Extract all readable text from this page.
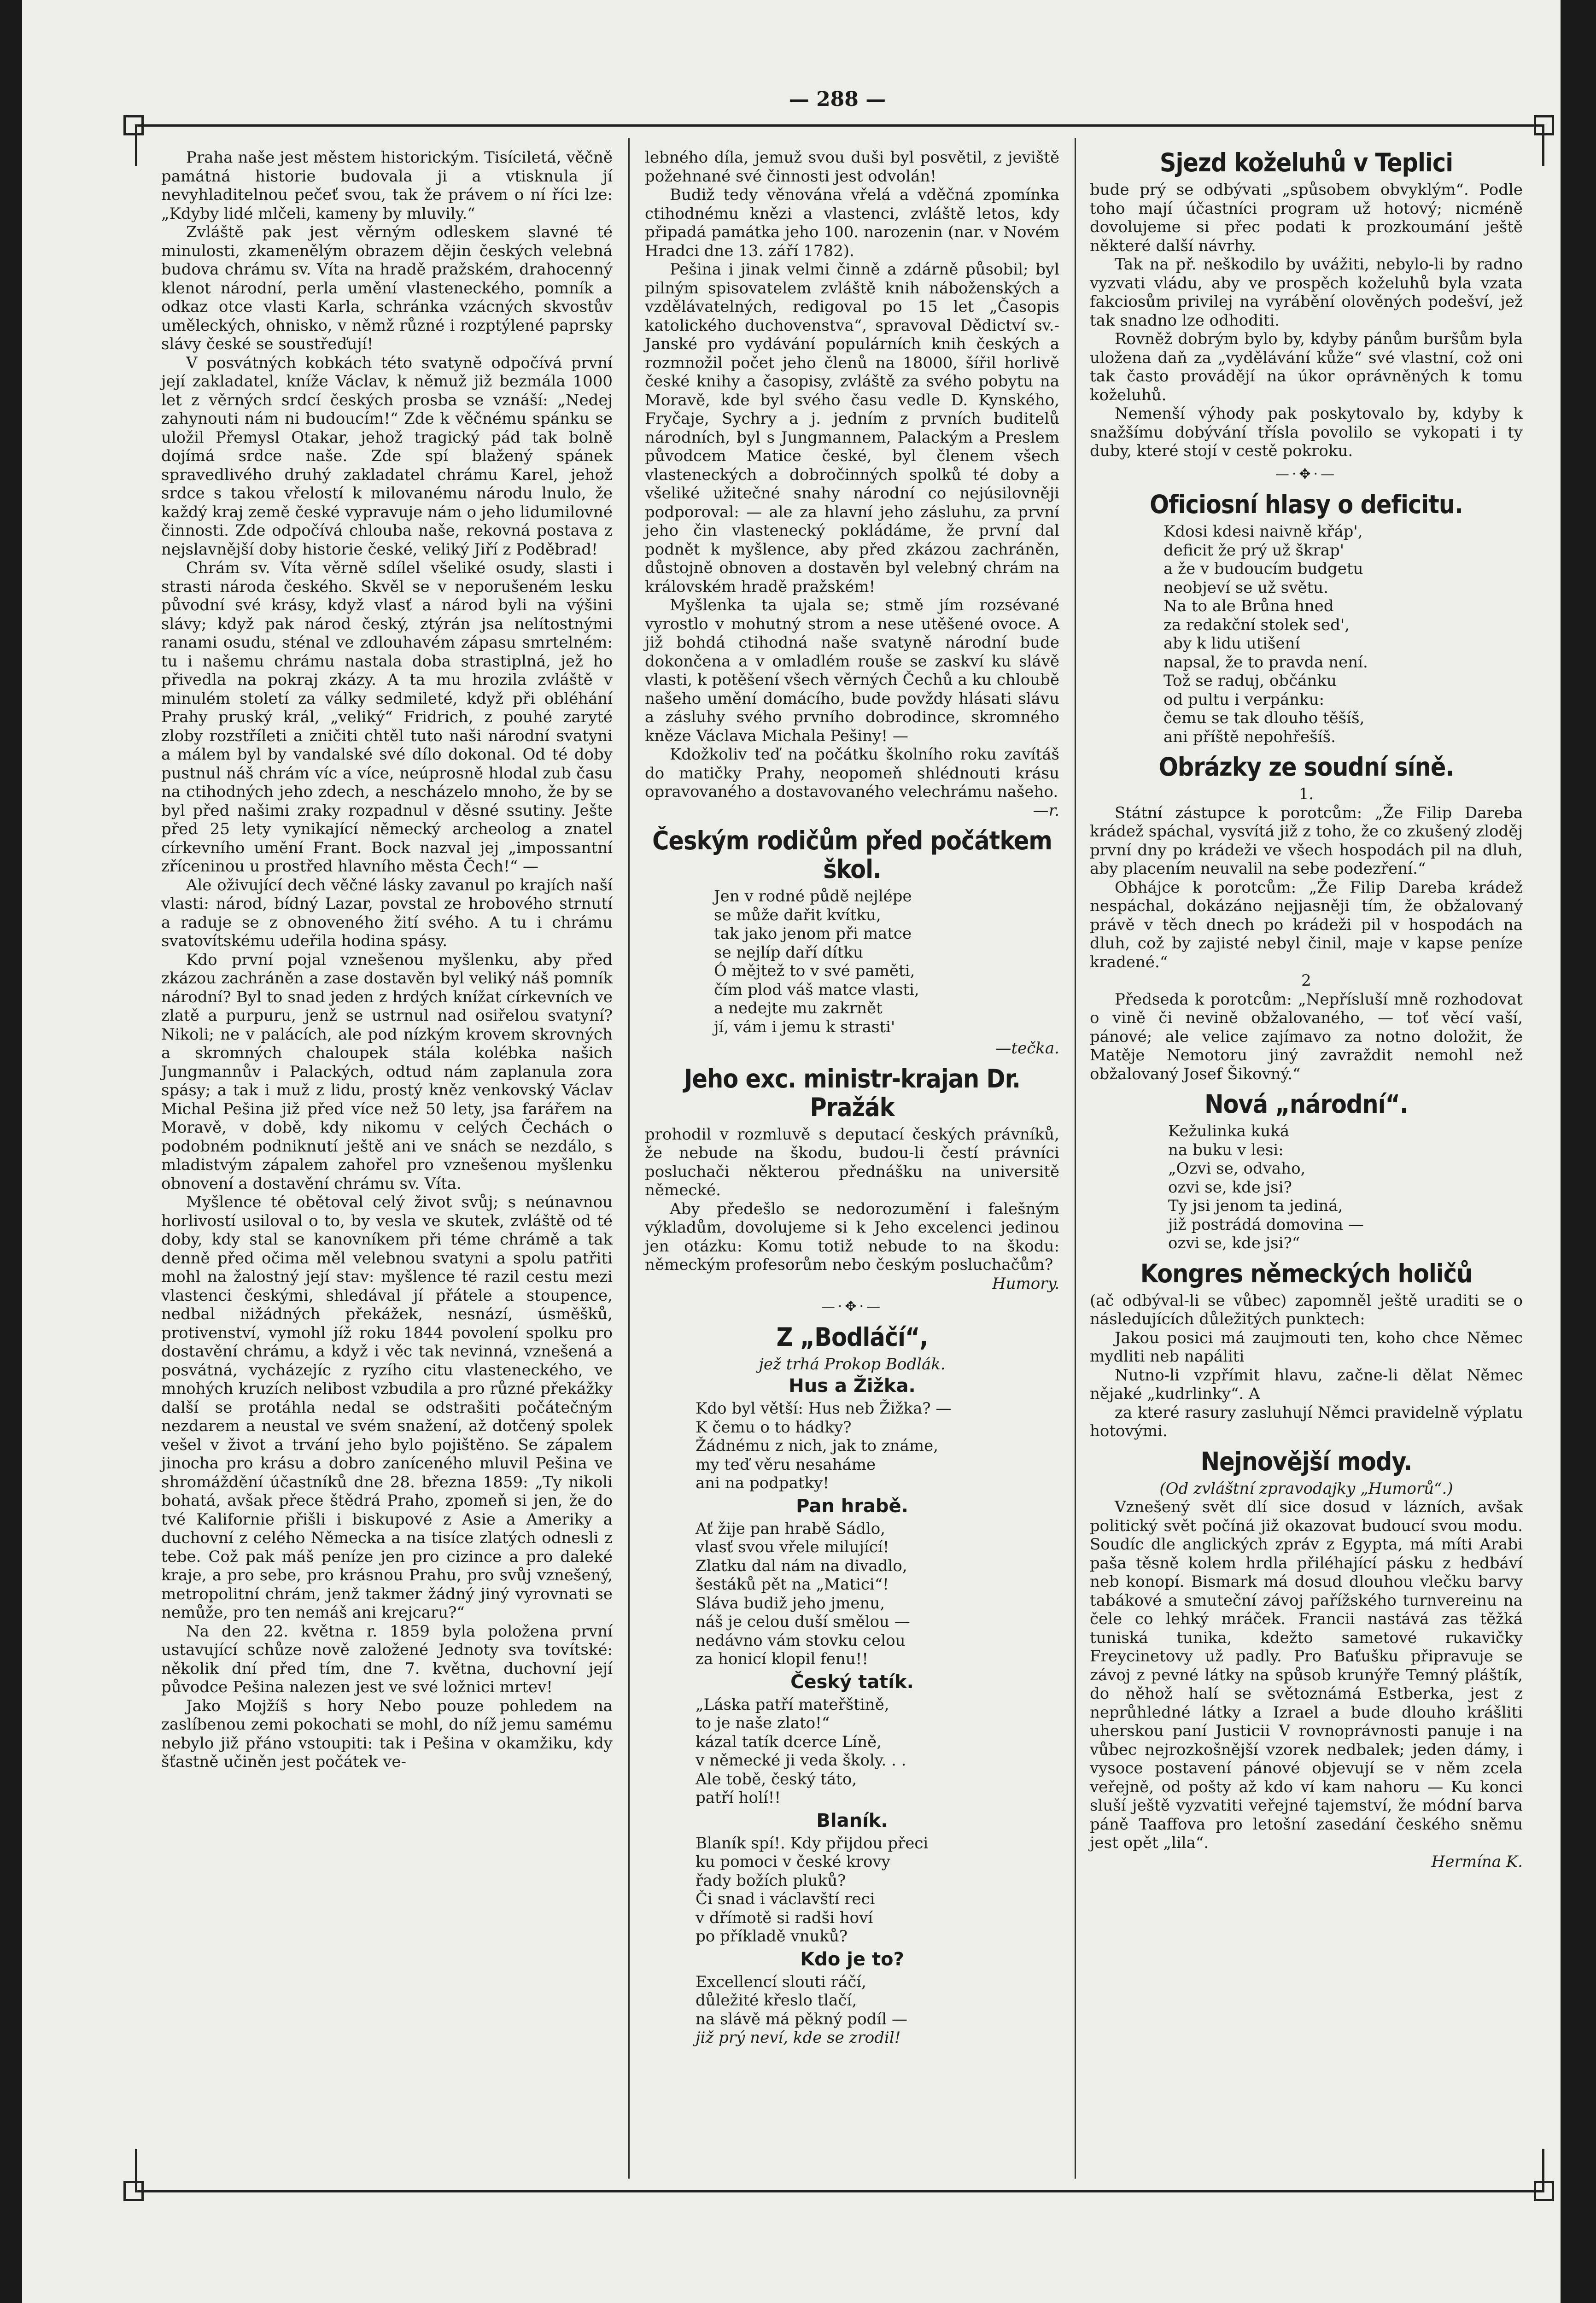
— 288 —

Praha naše jest městem historickým. Tisíciletá, věčně památná historie budovala ji a vtisknula jí nevyhladitelnou pečeť svou, tak že právem o ní říci lze: „Kdyby lidé mlčeli, kameny by mluvily.“

Zvláště pak jest věrným odleskem slavné té minulosti, zkamenělým obrazem dějin českých velebná budova chrámu sv. Víta na hradě pražském, drahocenný klenot národní, perla umění vlasteneckého, pomník a odkaz otce vlasti Karla, schránka vzácných skvostův uměleckých, ohnisko, v němž různé i rozptýlené paprsky slávy české se soustřeďují!

V posvátných kobkách této svatyně odpočívá první její zakladatel, kníže Václav, k němuž již bezmála 1000 let z věrných srdcí českých prosba se vznáší: „Nedej zahynouti nám ni budoucím!“ Zde k věčnému spánku se uložil Přemysl Otakar, jehož tragický pád tak bolně dojímá srdce naše. Zde spí blažený spánek spravedlivého druhý zakladatel chrámu Karel, jehož srdce s takou vřelostí k milovanému národu lnulo, že každý kraj země české vypravuje nám o jeho lidumilovné činnosti. Zde odpočívá chlouba naše, rekovná postava z nejslavnější doby historie české, veliký Jiří z Poděbrad!

Chrám sv. Víta věrně sdílel všeliké osudy, slasti i strasti národa českého. Skvěl se v neporušeném lesku původní své krásy, když vlasť a národ byli na výšini slávy; když pak národ český, ztýrán jsa nelítostnými ranami osudu, sténal ve zdlouhavém zápasu smrtelném: tu i našemu chrámu nastala doba strastiplná, jež ho přivedla na pokraj zkázy. A ta mu hrozila zvláště v minulém století za války sedmileté, když při obléhání Prahy pruský král, „veliký“ Fridrich, z pouhé zaryté zloby rozstříleti a zničiti chtěl tuto naši národní svatyni a málem byl by vandalské své dílo dokonal. Od té doby pustnul náš chrám víc a více, neúprosně hlodal zub času na ctihodných jeho zdech, a nescházelo mnoho, že by se byl před našimi zraky rozpadnul v děsné ssutiny. Ješte před 25 lety vynikající německý archeolog a znatel církevního umění Frant. Bock nazval jej „impossantní zříceninou u prostřed hlavního města Čech!“ —

Ale oživující dech věčné lásky zavanul po krajích naší vlasti: národ, bídný Lazar, povstal ze hrobového strnutí a raduje se z obnoveného žití svého. A tu i chrámu svatovítskému udeřila hodina spásy.

Kdo první pojal vznešenou myšlenku, aby před zkázou zachráněn a zase dostavěn byl veliký náš pomník národní? Byl to snad jeden z hrdých knížat církevních ve zlatě a purpuru, jenž se ustrnul nad osiřelou svatyní? Nikoli; ne v palácích, ale pod nízkým krovem skrovných a skromných chaloupek stála kolébka našich Jungmannův i Palackých, odtud nám zaplanula zora spásy; a tak i muž z lidu, prostý kněz venkovský Václav Michal Pešina již před více než 50 lety, jsa farářem na Moravě, v době, kdy nikomu v celých Čechách o podobném podniknutí ještě ani ve snách se nezdálo, s mladistvým zápalem zahořel pro vznešenou myšlenku obnovení a dostavění chrámu sv. Víta.

Myšlence té obětoval celý život svůj; s neúnavnou horlivostí usiloval o to, by vesla ve skutek, zvláště od té doby, kdy stal se kanovníkem při téme chrámě a tak denně před očima měl velebnou svatyni a spolu patřiti mohl na žalostný její stav: myšlence té razil cestu mezi vlastenci českými, shledával jí přátele a stoupence, nedbal nižádných překážek, nesnází, úsměšků, protivenství, vymohl jíž roku 1844 povolení spolku pro dostavění chrámu, a když i věc tak nevinná, vznešená a posvátná, vycházejíc z ryzího citu vlasteneckého, ve mnohých kruzích nelibost vzbudila a pro různé překážky další se protáhla nedal se odstrašiti počátečným nezdarem a neustal ve svém snažení, až dotčený spolek vešel v život a trvání jeho bylo pojištěno. Se zápalem jinocha pro krásu a dobro zaníceného mluvil Pešina ve shromáždění účastníků dne 28. března 1859: „Ty nikoli bohatá, avšak přece štědrá Praho, zpomeň si jen, že do tvé Kalifornie přišli i biskupové z Asie a Ameriky a duchovní z celého Německa a na tisíce zlatých odnesli z tebe. Což pak máš peníze jen pro cizince a pro daleké kraje, a pro sebe, pro krásnou Prahu, pro svůj vznešený, metropolitní chrám, jenž takmer žádný jiný vyrovnati se nemůže, pro ten nemáš ani krejcaru?“

Na den 22. května r. 1859 byla položena první ustavující schůze nově založené Jednoty sva tovítské: několik dní před tím, dne 7. května, duchovní její původce Pešina nalezen jest ve své ložnici mrtev!

Jako Mojžíš s hory Nebo pouze pohledem na zaslíbenou zemi pokochati se mohl, do níž jemu samému nebylo již přáno vstoupiti: tak i Pešina v okamžiku, kdy šťastně učiněn jest počátek ve-

lebného díla, jemuž svou duši byl posvětil, z jeviště požehnané své činnosti jest odvolán!

Budiž tedy věnována vřelá a vděčná zpomínka ctihodnému knězi a vlastenci, zvláště letos, kdy připadá památka jeho 100. narozenin (nar. v Novém Hradci dne 13. září 1782).

Pešina i jinak velmi činně a zdárně působil; byl pilným spisovatelem zvláště knih náboženských a vzdělávatelných, redigoval po 15 let „Časopis katolického duchovenstva“, spravoval Dědictví sv.-Janské pro vydávání populárních knih českých a rozmnožil počet jeho členů na 18000, šířil horlivě české knihy a časopisy, zvláště za svého pobytu na Moravě, kde byl svého času vedle D. Kynského, Fryčaje, Sychry a j. jedním z prvních buditelů národních, byl s Jungmannem, Palackým a Preslem původcem Matice české, byl členem všech vlasteneckých a dobročinných spolků té doby a všeliké užitečné snahy národní co nejúsilovněji podporoval: — ale za hlavní jeho zásluhu, za první jeho čin vlastenecký pokládáme, že první dal podnět k myšlence, aby před zkázou zachráněn, důstojně obnoven a dostavěn byl velebný chrám na královském hradě pražském!

Myšlenka ta ujala se; stmě jím rozsévané vyrostlo v mohutný strom a nese utěšené ovoce. A již bohdá ctihodná naše svatyně národní bude dokončena a v omladlém rouše se zaskví ku slávě vlasti, k potěšení všech věrných Čechů a ku chloubě našeho umění domácího, bude povždy hlásati slávu a zásluhy svého prvního dobrodince, skromného kněze Václava Michala Pešiny! —

Kdožkoliv teď na počátku školního roku zavítáš do matičky Prahy, neopomeň shlédnouti krásu opravovaného a dostavovaného velechrámu našeho.

—r.
Českým rodičům před počátkem škol.
Jen v rodné půdě nejlépe
se může dařit kvítku,
tak jako jenom při matce
se nejlíp daří dítku
Ó mějtež to v své paměti,
čím plod váš matce vlasti,
a nedejte mu zakrnět
jí, vám i jemu k strasti'
—tečka.
Jeho exc. ministr-krajan Dr. Pražák

prohodil v rozmluvě s deputací českých právníků, že nebude na škodu, budou-li čestí právníci posluchači některou přednášku na universitě německé.

Aby předešlo se nedorozumění i falešným výkladům, dovolujeme si k Jeho excelenci jedinou jen otázku: Komu totiž nebude to na škodu: německým profesorům nebo českým posluchačům?

Humory.
—·✥·—
Z „Bodláčí“,
jež trhá Prokop Bodlák.
Hus a Žižka.
Kdo byl větší: Hus neb Žižka? —
K čemu o to hádky?
Žádnému z nich, jak to známe,
my teď věru nesaháme
ani na podpatky!
Pan hrabě.
Ať žije pan hrabě Sádlo,
vlasť svou vřele milující!
Zlatku dal nám na divadlo,
šestáků pět na „Matici“!
Sláva budiž jeho jmenu,
náš je celou duší smělou —
nedávno vám stovku celou
za honicí klopil fenu!!
Český tatík.
„Láska patří mateřštině,
to je naše zlato!“
kázal tatík dcerce Líně,
v německé ji veda školy. . .
Ale tobě, český táto,
patří holí!!
Blaník.
Blaník spí!. Kdy přijdou přeci
ku pomoci v české krovy
řady božích pluků?
Či snad i václavští reci
v dřímotě si radši hoví
po příkladě vnuků?
Kdo je to?
Excellencí slouti ráčí,
důležité křeslo tlačí,
na slávě má pěkný podíl —
již prý neví, kde se zrodil!
Sjezd koželuhů v Teplici

bude prý se odbývati „spůsobem obvyklým“. Podle toho mají účastníci program už hotový; nicméně dovolujeme si přec podati k prozkoumání ještě některé další návrhy.

Tak na př. neškodilo by uvážiti, nebylo-li by radno vyzvati vládu, aby ve prospěch koželuhů byla vzata fakciosům privilej na vyrábění olověných podešví, jež tak snadno lze odhoditi.

Rovněž dobrým bylo by, kdyby pánům buršům byla uložena daň za „vydělávání kůže“ své vlastní, což oni tak často provádějí na úkor oprávněných k tomu koželuhů.

Nemenší výhody pak poskytovalo by, kdyby k snažšímu dobývání třísla povolilo se vykopati i ty duby, které stojí v cestě pokroku.

—·✥·—
Oficiosní hlasy o deficitu.
Kdosi kdesi naivně křáp',
deficit že prý už škrap'
a že v budoucím budgetu
neobjeví se už světu.
Na to ale Brůna hned
za redakční stolek sed',
aby k lidu utišení
napsal, že to pravda není.
Tož se raduj, občánku
od pultu i verpánku:
čemu se tak dlouho těšíš,
ani příště nepohřešíš.
Obrázky ze soudní síně.
1.

Státní zástupce k porotcům: „Že Filip Dareba krádež spáchal, vysvítá již z toho, že co zkušený zloděj první dny po krádeži ve všech hospodách pil na dluh, aby placením neuvalil na sebe podezření.“

Obhájce k porotcům: „Že Filip Dareba krádež nespáchal, dokázáno nejjasněji tím, že obžalovaný právě v těch dnech po krádeži pil v hospodách na dluh, což by zajisté nebyl činil, maje v kapse peníze kradené.“

2

Předseda k porotcům: „Nepřísluší mně rozhodovat o vině či nevině obžalovaného, — toť věcí vaší, pánové; ale velice zajímavo za notno doložit, že Matěje Nemotoru jiný zavraždit nemohl než obžalovaný Josef Šikovný.“

Nová „národní“.
Kežulinka kuká
na buku v lesi:
„Ozvi se, odvaho,
ozvi se, kde jsi?
Ty jsi jenom ta jediná,
již postrádá domovina —
ozvi se, kde jsi?“
Kongres německých holičů

(ač odbýval-li se vůbec) zapomněl ještě uraditi se o následujících důležitých punktech:

Jakou posici má zaujmouti ten, koho chce Němec mydliti neb napáliti

Nutno-li vzpřímit hlavu, začne-li dělat Němec nějaké „kudrlinky“. A

za které rasury zasluhují Němci pravidelně výplatu hotovými.

Nejnovější mody.
(Od zvláštní zpravodajky „Humorů“.)

Vznešený svět dlí sice dosud v lázních, avšak politický svět počíná již okazovat budoucí svou modu. Soudíc dle anglických zpráv z Egypta, má míti Arabi paša těsně kolem hrdla přiléhající pásku z hedbáví neb konopí. Bismark má dosud dlouhou vlečku barvy tabákové a smuteční závoj pařížského turnvereinu na čele co lehký mráček. Francii nastává zas těžká tuniská tunika, kdežto sametové rukavičky Freycinetovy už padly. Pro Baťušku připravuje se závoj z pevné látky na spůsob krunýře Temný pláštík, do něhož halí se světoznámá Estberka, jest z neprůhledné látky a Izrael a bude dlouho krášliti uherskou paní Justicii V rovnoprávnosti panuje i na vůbec nejrozkošnější vzorek nedbalek; jeden dámy, i vysoce postavení pánové objevují se v něm zcela veřejně, od pošty až kdo ví kam nahoru — Ku konci sluší ještě vyzvatiti veřejné tajemství, že módní barva páně Taaffova pro letošní zasedání českého sněmu jest opět „lila“.

Hermína K.
